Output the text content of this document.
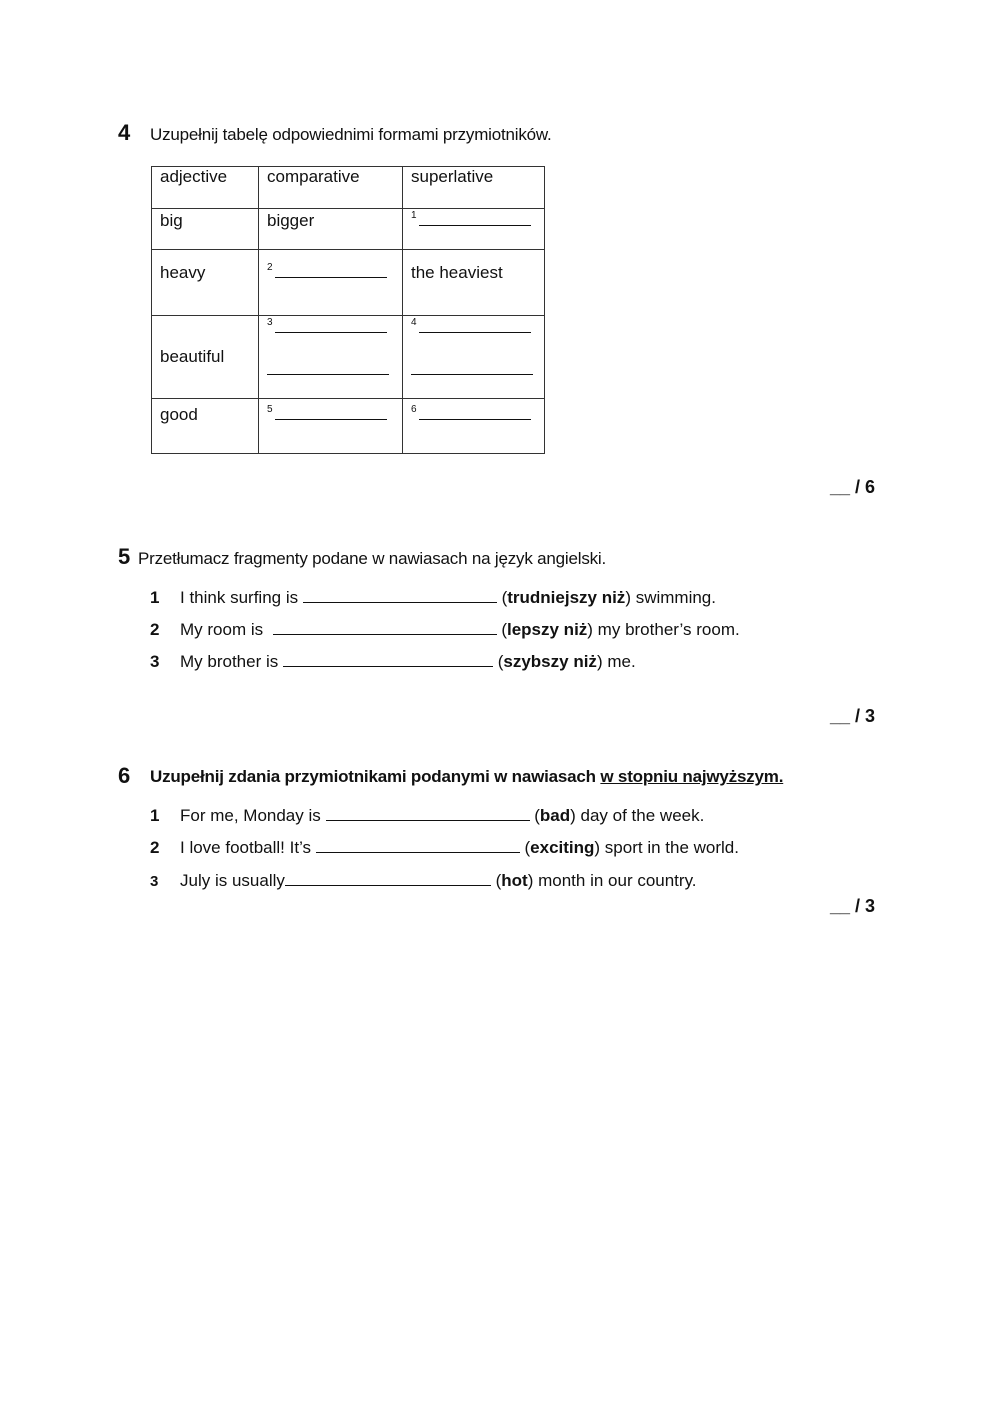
4 Uzupełnij tabelę odpowiednimi formami przymiotników.
adjective	comparative	superlative
big	bigger	$^1$
heavy	$^2$	the heaviest
beautiful	$^3$	$^4$

good	$^5$	$^6$
__ / 6
5 Przetłumacz fragmenty podane w nawiasach na język angielski.
1 I think surfing is	(trudniejszy niż) swimming.
2 My room is	(lepszy niż) my brother’s room.
3 My brother is	(szybszy niż) me.
__ / 3
6 Uzupełnij zdania przymiotnikami podanymi w nawiasach w stopniu najwyższym.
1 For me, Monday is	(bad) day of the week.
2 I love football! It’s	(exciting) sport in the world.
3 July is usually	(hot) month in our country.
__ / 3
